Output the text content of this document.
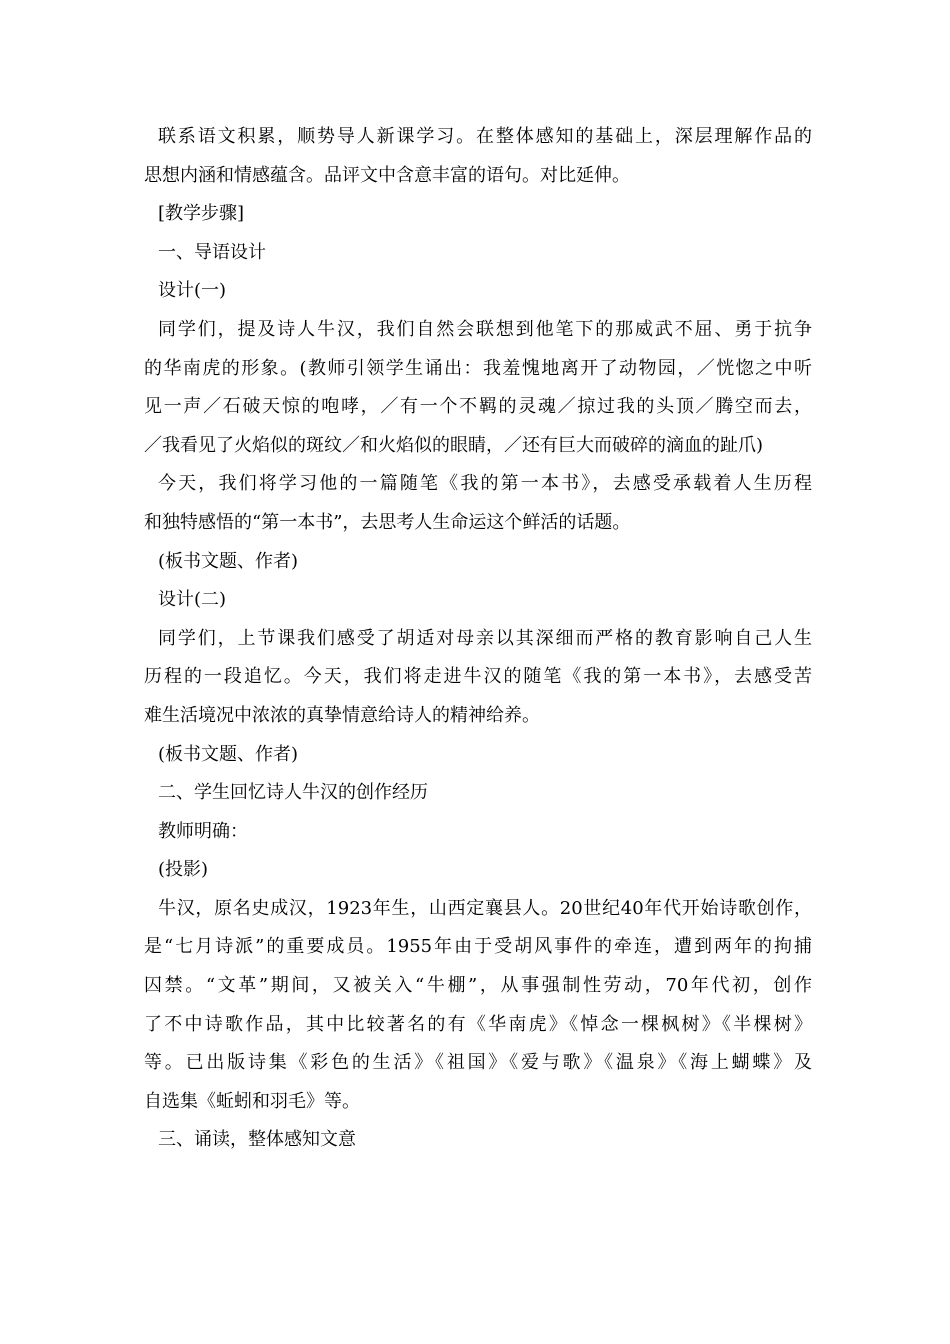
联系语文积累，顺势导人新课学习。在整体感知的基础上，深层理解作品的
思想内涵和情感蕴含。品评文中含意丰富的语句。对比延伸。
[教学步骤]
一、导语设计
设计(一)
同学们，提及诗人牛汉，我们自然会联想到他笔下的那威武不屈、勇于抗争
的华南虎的形象。(教师引领学生诵出：我羞愧地离开了动物园，／恍惚之中听
见一声／石破天惊的咆哮，／有一个不羁的灵魂／掠过我的头顶／腾空而去，
／我看见了火焰似的斑纹／和火焰似的眼睛，／还有巨大而破碎的滴血的趾爪)
今天，我们将学习他的一篇随笔《我的第一本书》，去感受承载着人生历程
和独特感悟的“第一本书”，去思考人生命运这个鲜活的话题。
(板书文题、作者)
设计(二)
同学们，上节课我们感受了胡适对母亲以其深细而严格的教育影响自己人生
历程的一段追忆。今天，我们将走进牛汉的随笔《我的第一本书》，去感受苦
难生活境况中浓浓的真挚情意给诗人的精神给养。
(板书文题、作者)
二、学生回忆诗人牛汉的创作经历
教师明确：
(投影)
牛汉，原名史成汉，1923年生，山西定襄县人。20世纪40年代开始诗歌创作，
是“七月诗派”的重要成员。1955年由于受胡风事件的牵连，遭到两年的拘捕
囚禁。“文革”期间，又被关入“牛棚”，从事强制性劳动，70年代初，创作
了不中诗歌作品，其中比较著名的有《华南虎》《悼念一棵枫树》《半棵树》
等。已出版诗集《彩色的生活》《祖国》《爱与歌》《温泉》《海上蝴蝶》及
自选集《蚯蚓和羽毛》等。
三、诵读，整体感知文意
